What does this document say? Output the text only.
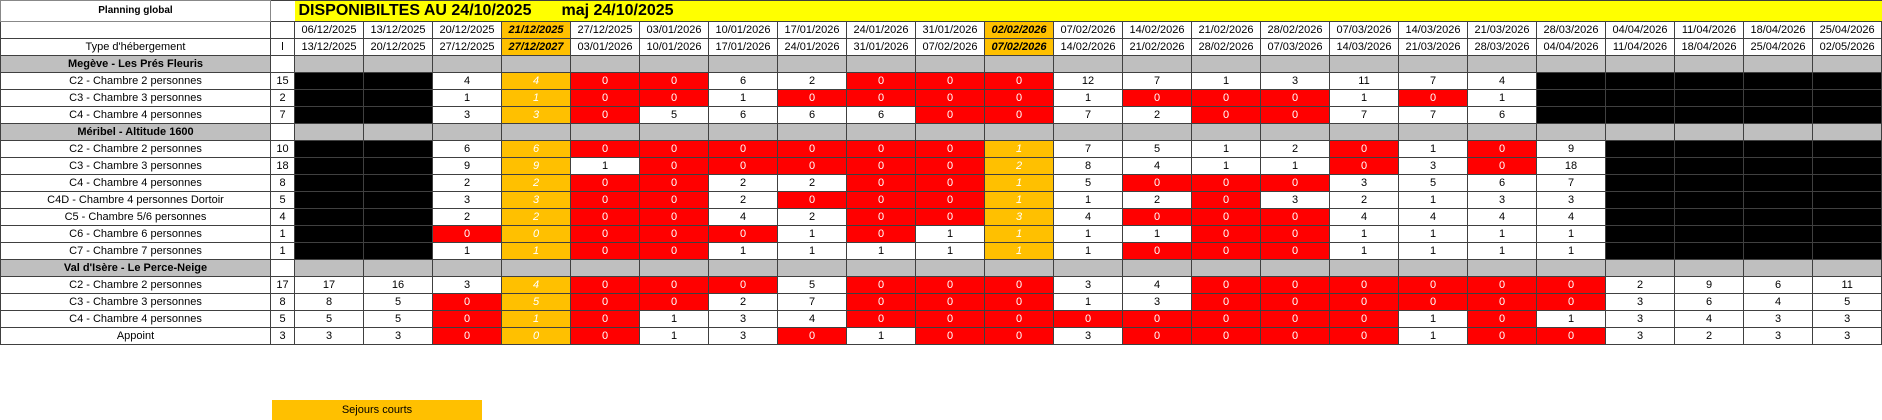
Planning global		DISPONIBILTES AU 24/10/2025 maj 24/10/2025																						
		06/12/2025	13/12/2025	20/12/2025	21/12/2025	27/12/2025	03/01/2026	10/01/2026	17/01/2026	24/01/2026	31/01/2026	02/02/2026	07/02/2026	14/02/2026	21/02/2026	28/02/2026	07/03/2026	14/03/2026	21/03/2026	28/03/2026	04/04/2026	11/04/2026	18/04/2026	25/04/2026
Type d'hébergement	l	13/12/2025	20/12/2025	27/12/2025	27/12/2027	03/01/2026	10/01/2026	17/01/2026	24/01/2026	31/01/2026	07/02/2026	07/02/2026	14/02/2026	21/02/2026	28/02/2026	07/03/2026	14/03/2026	21/03/2026	28/03/2026	04/04/2026	11/04/2026	18/04/2026	25/04/2026	02/05/2026
Megève - Les Prés Fleuris																								
C2 - Chambre 2 personnes	15			4	4	0	0	6	2	0	0	0	12	7	1	3	11	7	4					
C3 - Chambre 3 personnes	2			1	1	0	0	1	0	0	0	0	1	0	0	0	1	0	1					
C4 - Chambre 4 personnes	7			3	3	0	5	6	6	6	0	0	7	2	0	0	7	7	6					
Méribel - Altitude 1600																								
C2 - Chambre 2 personnes	10			6	6	0	0	0	0	0	0	1	7	5	1	2	0	1	0	9				
C3 - Chambre 3 personnes	18			9	9	1	0	0	0	0	0	2	8	4	1	1	0	3	0	18				
C4 - Chambre 4 personnes	8			2	2	0	0	2	2	0	0	1	5	0	0	0	3	5	6	7				
C4D - Chambre 4 personnes Dortoir	5			3	3	0	0	2	0	0	0	1	1	2	0	3	2	1	3	3				
C5 - Chambre 5/6 personnes	4			2	2	0	0	4	2	0	0	3	4	0	0	0	4	4	4	4				
C6 - Chambre 6 personnes	1			0	0	0	0	0	1	0	1	1	1	1	0	0	1	1	1	1				
C7 - Chambre 7 personnes	1			1	1	0	0	1	1	1	1	1	1	0	0	0	1	1	1	1				
Val d'Isère - Le Perce-Neige																								
C2 - Chambre 2 personnes	17	17	16	3	4	0	0	0	5	0	0	0	3	4	0	0	0	0	0	0	2	9	6	11
C3 - Chambre 3 personnes	8	8	5	0	5	0	0	2	7	0	0	0	1	3	0	0	0	0	0	0	3	6	4	5
C4 - Chambre 4 personnes	5	5	5	0	1	0	1	3	4	0	0	0	0	0	0	0	0	1	0	1	3	4	3	3
Appoint	3	3	3	0	0	0	1	3	0	1	0	0	3	0	0	0	0	1	0	0	3	2	3	3
Sejours courts
